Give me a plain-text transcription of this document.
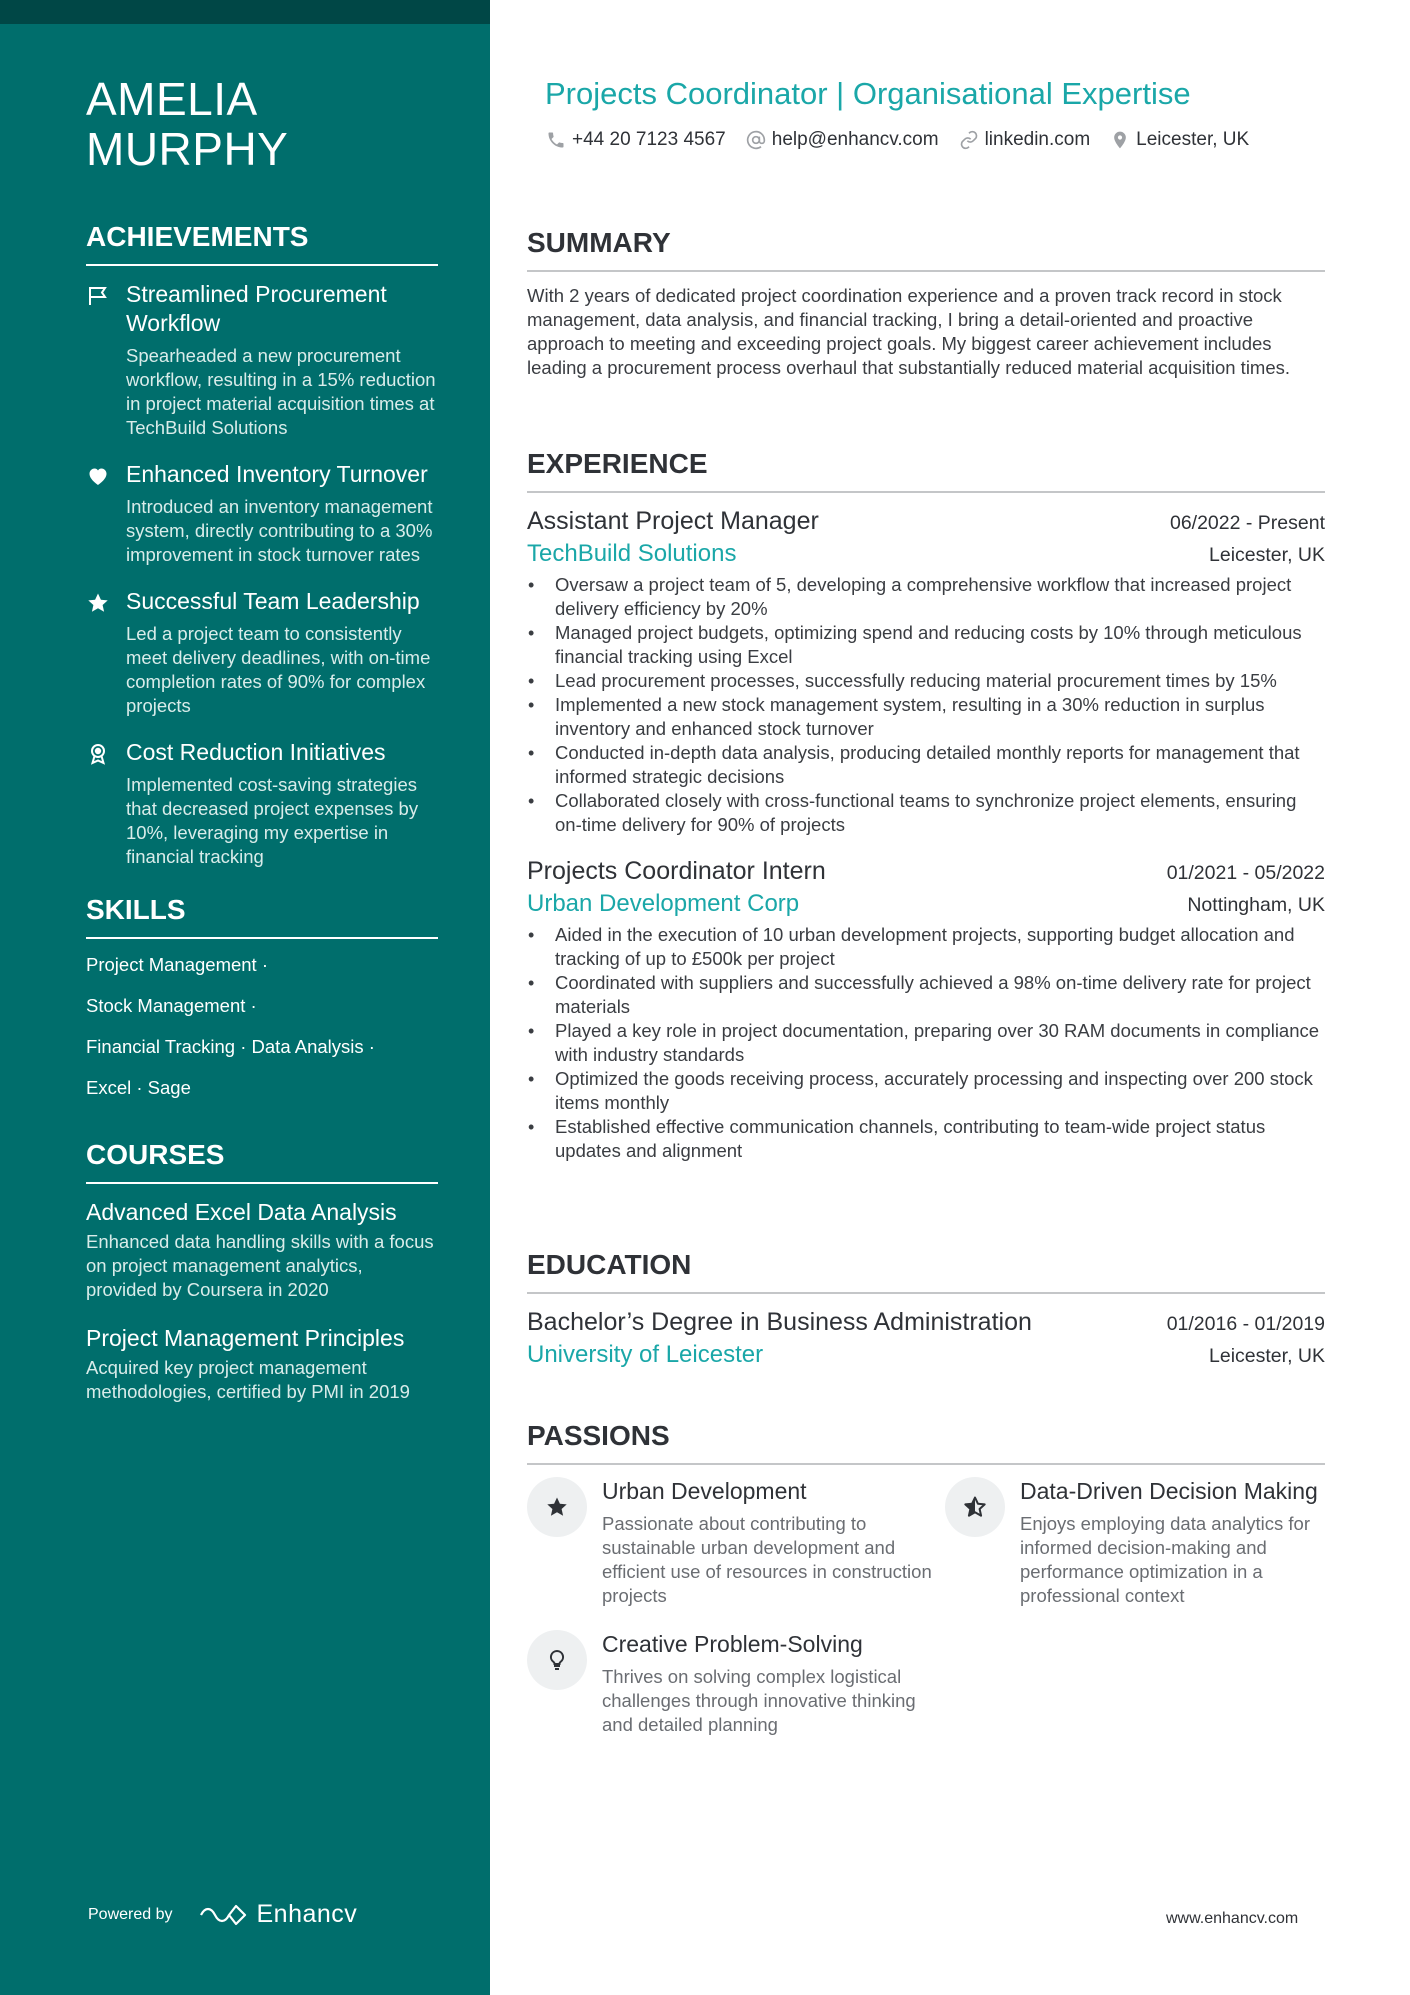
AMELIA
MURPHY
ACHIEVEMENTS
Streamlined Procurement Workflow
Spearheaded a new procurement workflow, resulting in a 15% reduction in project material acquisition times at TechBuild Solutions
Enhanced Inventory Turnover
Introduced an inventory management system, directly contributing to a 30% improvement in stock turnover rates
Successful Team Leadership
Led a project team to consistently meet delivery deadlines, with on-time completion rates of 90% for complex projects
Cost Reduction Initiatives
Implemented cost-saving strategies that decreased project expenses by 10%, leveraging my expertise in financial tracking
SKILLS
Project Management ·
Stock Management ·
Financial Tracking · Data Analysis ·
Excel · Sage
COURSES
Advanced Excel Data Analysis
Enhanced data handling skills with a focus on project management analytics, provided by Coursera in 2020
Project Management Principles
Acquired key project management methodologies, certified by PMI in 2019
Powered by	Enhancv
Projects Coordinator | Organisational Expertise
+44 20 7123 4567 help@enhancv.com linkedin.com Leicester, UK
SUMMARY

With 2 years of dedicated project coordination experience and a proven track record in stock management, data analysis, and financial tracking, I bring a detail-oriented and proactive approach to meeting and exceeding project goals. My biggest career achievement includes leading a procurement process overhaul that substantially reduced material acquisition times.

EXPERIENCE
Assistant Project Manager	06/2022 - Present
TechBuild Solutions	Leicester, UK
• Oversaw a project team of 5, developing a comprehensive workflow that increased project delivery efficiency by 20%
• Managed project budgets, optimizing spend and reducing costs by 10% through meticulous financial tracking using Excel
• Lead procurement processes, successfully reducing material procurement times by 15%
• Implemented a new stock management system, resulting in a 30% reduction in surplus inventory and enhanced stock turnover
• Conducted in-depth data analysis, producing detailed monthly reports for management that informed strategic decisions
• Collaborated closely with cross-functional teams to synchronize project elements, ensuring on-time delivery for 90% of projects
Projects Coordinator Intern	01/2021 - 05/2022
Urban Development Corp	Nottingham, UK
• Aided in the execution of 10 urban development projects, supporting budget allocation and tracking of up to £500k per project
• Coordinated with suppliers and successfully achieved a 98% on-time delivery rate for project materials
• Played a key role in project documentation, preparing over 30 RAM documents in compliance with industry standards
• Optimized the goods receiving process, accurately processing and inspecting over 200 stock items monthly
• Established effective communication channels, contributing to team-wide project status updates and alignment
EDUCATION
Bachelor’s Degree in Business Administration	01/2016 - 01/2019
University of Leicester	Leicester, UK
PASSIONS
Urban Development
Passionate about contributing to sustainable urban development and efficient use of resources in construction projects
Data-Driven Decision Making
Enjoys employing data analytics for informed decision-making and performance optimization in a professional context
Creative Problem-Solving
Thrives on solving complex logistical challenges through innovative thinking and detailed planning
www.enhancv.com
